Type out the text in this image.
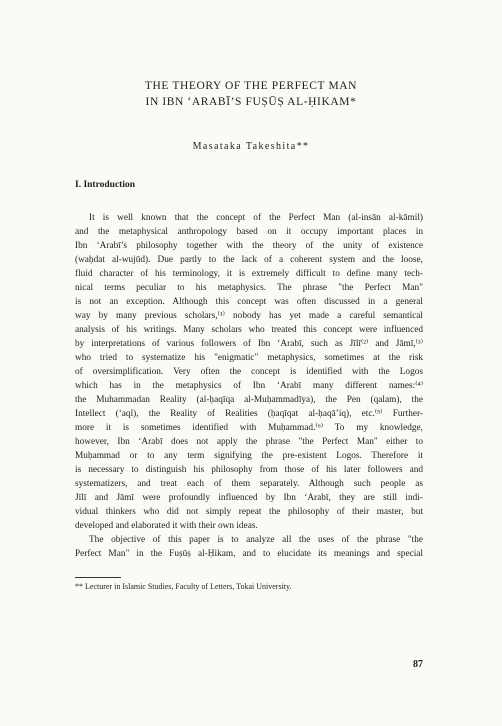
THE THEORY OF THE PERFECT MAN
IN IBN ‘ARABĪ’S FUṢŪṢ AL-ḤIKAM*
Masataka Takeshita**
I. Introduction
It is well known that the concept of the Perfect Man (al-insān al-kāmil)
and the metaphysical anthropology based on it occupy important places in
Ibn ‘Arabī’s philosophy together with the theory of the unity of existence
(waḥdat al-wujūd). Due partly to the lack of a coherent system and the loose,
fluid character of his terminology, it is extremely difficult to define many tech-
nical terms peculiar to his metaphysics. The phrase "the Perfect Man"
is not an exception. Although this concept was often discussed in a general
way by many previous scholars,⁽¹⁾ nobody has yet made a careful semantical
analysis of his writings. Many scholars who treated this concept were influenced
by interpretations of various followers of Ibn ‘Arabī, such as Jīlī⁽²⁾ and Jāmī,⁽³⁾
who tried to systematize his "enigmatic" metaphysics, sometimes at the risk
of oversimplification. Very often the concept is identified with the Logos
which has in the metaphysics of Ibn ‘Arabī many different names:⁽⁴⁾
the Muhammadan Reality (al-ḥaqīqa al-Muḥammadīya), the Pen (qalam), the
Intellect (‘aql), the Reality of Realities (ḥaqīqat al-ḥaqā’iq), etc.⁽⁵⁾ Further-
more it is sometimes identified with Muḥammad.⁽⁶⁾ To my knowledge,
however, Ibn ‘Arabī does not apply the phrase "the Perfect Man" either to
Muḥammad or to any term signifying the pre-existent Logos. Therefore it
is necessary to distinguish his philosophy from those of his later followers and
systematizers, and treat each of them separately. Although such people as
Jīlī and Jāmī were profoundly influenced by Ibn ‘Arabī, they are still indi-
vidual thinkers who did not simply repeat the philosophy of their master, but
developed and elaborated it with their own ideas.
The objective of this paper is to analyze all the uses of the phrase "the
Perfect Man" in the Fuṣūṣ al-Ḥikam, and to elucidate its meanings and special
** Lecturer in Islamic Studies, Faculty of Letters, Tokai University.
87
